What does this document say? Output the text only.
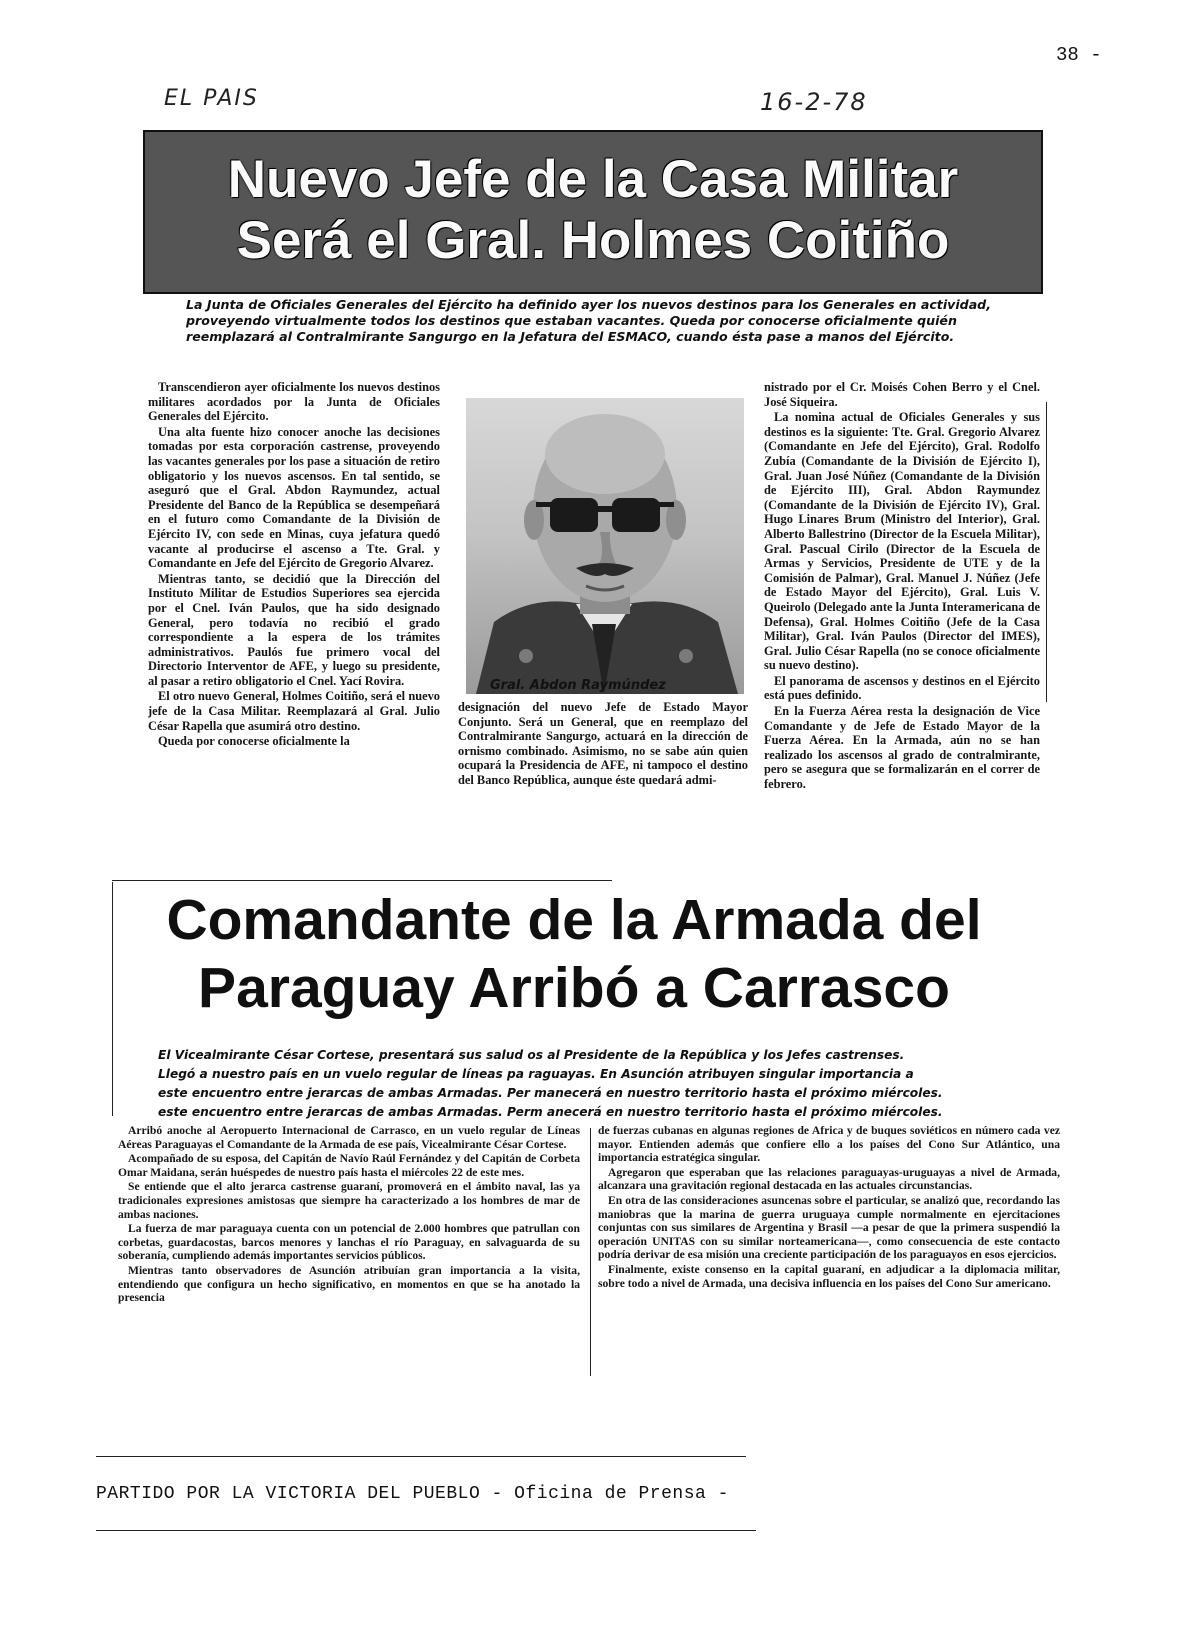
38 -
EL PAIS	16-2-78
Nuevo Jefe de la Casa Militar
Será el Gral. Holmes Coitiño

La Junta de Oficiales Generales del Ejército ha definido ayer los nuevos destinos para los Generales en actividad, proveyendo virtualmente todos los destinos que estaban vacantes. Queda por conocerse oficialmente quién reemplazará al Contralmirante Sangurgo en la Jefatura del ESMACO, cuando ésta pase a manos del Ejército.

Transcendieron ayer oficialmente los nuevos destinos militares acordados por la Junta de Oficiales Generales del Ejército.

Una alta fuente hizo conocer anoche las decisiones tomadas por esta corporación castrense, proveyendo las vacantes generales por los pase a situación de retiro obligatorio y los nuevos ascensos. En tal sentido, se aseguró que el Gral. Abdon Raymundez, actual Presidente del Banco de la República se desempeñará en el futuro como Comandante de la División de Ejército IV, con sede en Minas, cuya jefatura quedó vacante al producirse el ascenso a Tte. Gral. y Comandante en Jefe del Ejército de Gregorio Alvarez.

Mientras tanto, se decidió que la Dirección del Instituto Militar de Estudios Superiores sea ejercida por el Cnel. Iván Paulos, que ha sido designado General, pero todavía no recibió el grado correspondiente a la espera de los trámites administrativos. Paulós fue primero vocal del Directorio Interventor de AFE, y luego su presidente, al pasar a retiro obligatorio el Cnel. Yací Rovira.

El otro nuevo General, Holmes Coitiño, será el nuevo jefe de la Casa Militar. Reemplazará al Gral. Julio César Rapella que asumirá otro destino.

Queda por conocerse oficialmente la

Gral. Abdon Raymúndez

designación del nuevo Jefe de Estado Mayor Conjunto. Será un General, que en reemplazo del Contralmirante Sangurgo, actuará en la dirección de ornismo combinado. Asimismo, no se sabe aún quien ocupará la Presidencia de AFE, ni tampoco el destino del Banco República, aunque éste quedará admi-

nistrado por el Cr. Moisés Cohen Berro y el Cnel. José Siqueira.

La nomina actual de Oficiales Generales y sus destinos es la siguiente: Tte. Gral. Gregorio Alvarez (Comandante en Jefe del Ejército), Gral. Rodolfo Zubía (Comandante de la División de Ejército I), Gral. Juan José Núñez (Comandante de la División de Ejército III), Gral. Abdon Raymundez (Comandante de la División de Ejército IV), Gral. Hugo Linares Brum (Ministro del Interior), Gral. Alberto Ballestrino (Director de la Escuela Militar), Gral. Pascual Cirilo (Director de la Escuela de Armas y Servicios, Presidente de UTE y de la Comisión de Palmar), Gral. Manuel J. Núñez (Jefe de Estado Mayor del Ejército), Gral. Luis V. Queirolo (Delegado ante la Junta Interamericana de Defensa), Gral. Holmes Coitiño (Jefe de la Casa Militar), Gral. Iván Paulos (Director del IMES), Gral. Julio César Rapella (no se conoce oficialmente su nuevo destino).

El panorama de ascensos y destinos en el Ejército está pues definido.

En la Fuerza Aérea resta la designación de Vice Comandante y de Jefe de Estado Mayor de la Fuerza Aérea. En la Armada, aún no se han realizado los ascensos al grado de contralmirante, pero se asegura que se formalizarán en el correr de febrero.

Comandante de la Armada del
Paraguay Arribó a Carrasco
El Vicealmirante César Cortese, presentará sus salud os al Presidente de la República y los Jefes castrenses.
Llegó a nuestro país en un vuelo regular de líneas pa raguayas. En Asunción atribuyen singular importancia a
este encuentro entre jerarcas de ambas Armadas. Per manecerá en nuestro territorio hasta el próximo miércoles.
este encuentro entre jerarcas de ambas Armadas. Perm anecerá en nuestro territorio hasta el próximo miércoles.

Arribó anoche al Aeropuerto Internacional de Carrasco, en un vuelo regular de Líneas Aéreas Paraguayas el Comandante de la Armada de ese país, Vicealmirante César Cortese.

Acompañado de su esposa, del Capitán de Navío Raúl Fernández y del Capitán de Corbeta Omar Maidana, serán huéspedes de nuestro país hasta el miércoles 22 de este mes.

Se entiende que el alto jerarca castrense guaraní, promoverá en el ámbito naval, las ya tradicionales expresiones amistosas que siempre ha caracterizado a los hombres de mar de ambas naciones.

La fuerza de mar paraguaya cuenta con un potencial de 2.000 hombres que patrullan con corbetas, guardacostas, barcos menores y lanchas el río Paraguay, en salvaguarda de su soberanía, cumpliendo además importantes servicios públicos.

Mientras tanto observadores de Asunción atribuían gran importancia a la visita, entendiendo que configura un hecho significativo, en momentos en que se ha anotado la presencia

de fuerzas cubanas en algunas regiones de Africa y de buques soviéticos en número cada vez mayor. Entienden además que confiere ello a los países del Cono Sur Atlántico, una importancia estratégica singular.

Agregaron que esperaban que las relaciones paraguayas-uruguayas a nivel de Armada, alcanzara una gravitación regional destacada en las actuales circunstancias.

En otra de las consideraciones asuncenas sobre el particular, se analizó que, recordando las maniobras que la marina de guerra uruguaya cumple normalmente en ejercitaciones conjuntas con sus similares de Argentina y Brasil —a pesar de que la primera suspendió la operación UNITAS con su similar norteamericana—, como consecuencia de este contacto podría derivar de esa misión una creciente participación de los paraguayos en esos ejercicios.

Finalmente, existe consenso en la capital guaraní, en adjudicar a la diplomacia militar, sobre todo a nivel de Armada, una decisiva influencia en los países del Cono Sur americano.

PARTIDO POR LA VICTORIA DEL PUEBLO - Oficina de Prensa -
